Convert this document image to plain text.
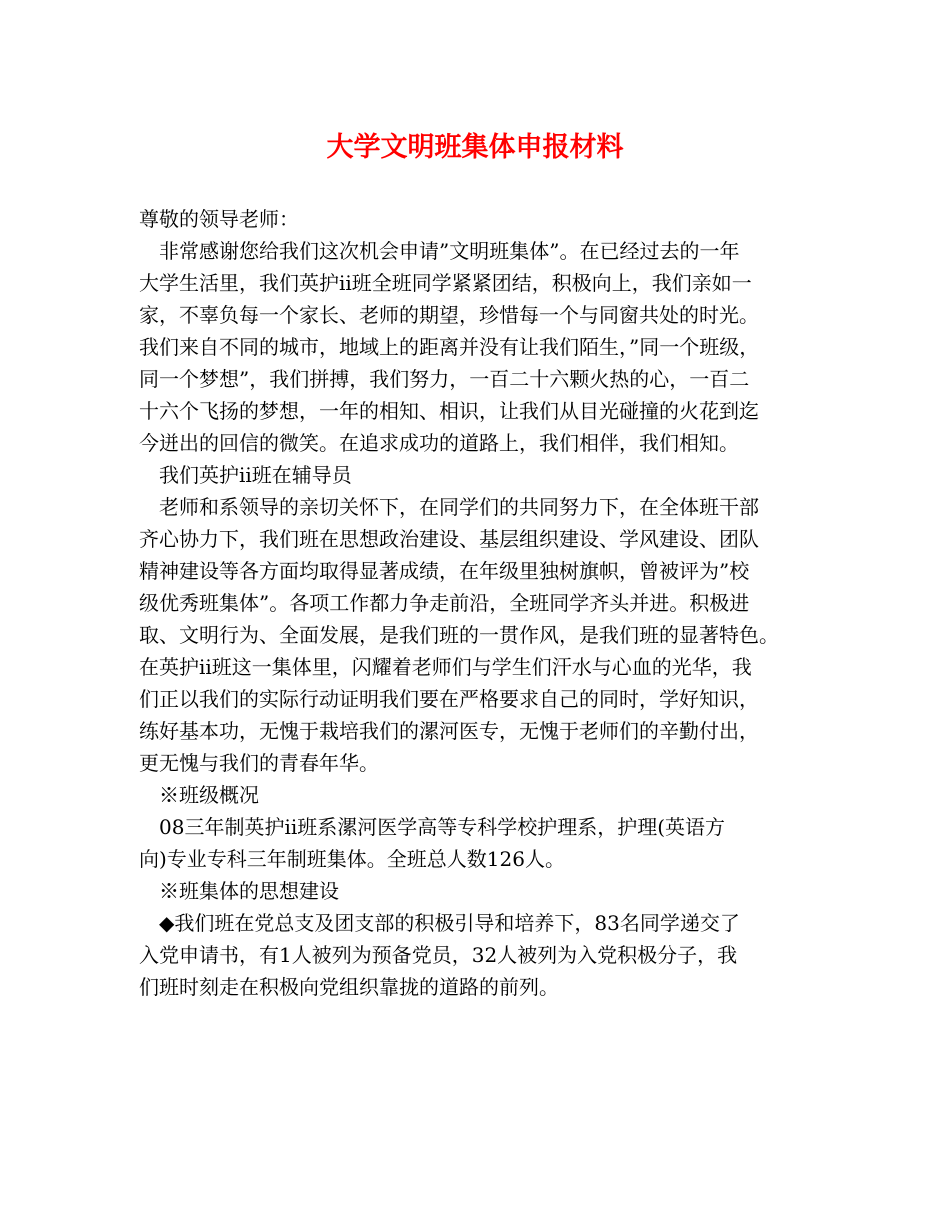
大学文明班集体申报材料

尊敬的领导老师：

非常感谢您给我们这次机会申请”文明班集体”。在已经过去的一年

大学生活里，我们英护ⅱ班全班同学紧紧团结，积极向上，我们亲如一

家，不辜负每一个家长、老师的期望，珍惜每一个与同窗共处的时光。

我们来自不同的城市，地域上的距离并没有让我们陌生，”同一个班级，

同一个梦想”，我们拼搏，我们努力，一百二十六颗火热的心，一百二

十六个飞扬的梦想，一年的相知、相识，让我们从目光碰撞的火花到迄

今迸出的回信的微笑。在追求成功的道路上，我们相伴，我们相知。

我们英护ⅱ班在辅导员

老师和系领导的亲切关怀下，在同学们的共同努力下，在全体班干部

齐心协力下，我们班在思想政治建设、基层组织建设、学风建设、团队

精神建设等各方面均取得显著成绩，在年级里独树旗帜，曾被评为”校

级优秀班集体”。各项工作都力争走前沿，全班同学齐头并进。积极进

取、文明行为、全面发展，是我们班的一贯作风，是我们班的显著特色。

在英护ⅱ班这一集体里，闪耀着老师们与学生们汗水与心血的光华，我

们正以我们的实际行动证明我们要在严格要求自己的同时，学好知识，

练好基本功，无愧于栽培我们的漯河医专，无愧于老师们的辛勤付出，

更无愧与我们的青春年华。

※班级概况

08三年制英护ⅱ班系漯河医学高等专科学校护理系，护理(英语方

向)专业专科三年制班集体。全班总人数126人。

※班集体的思想建设

◆我们班在党总支及团支部的积极引导和培养下，83名同学递交了

入党申请书，有1人被列为预备党员，32人被列为入党积极分子，我

们班时刻走在积极向党组织靠拢的道路的前列。
